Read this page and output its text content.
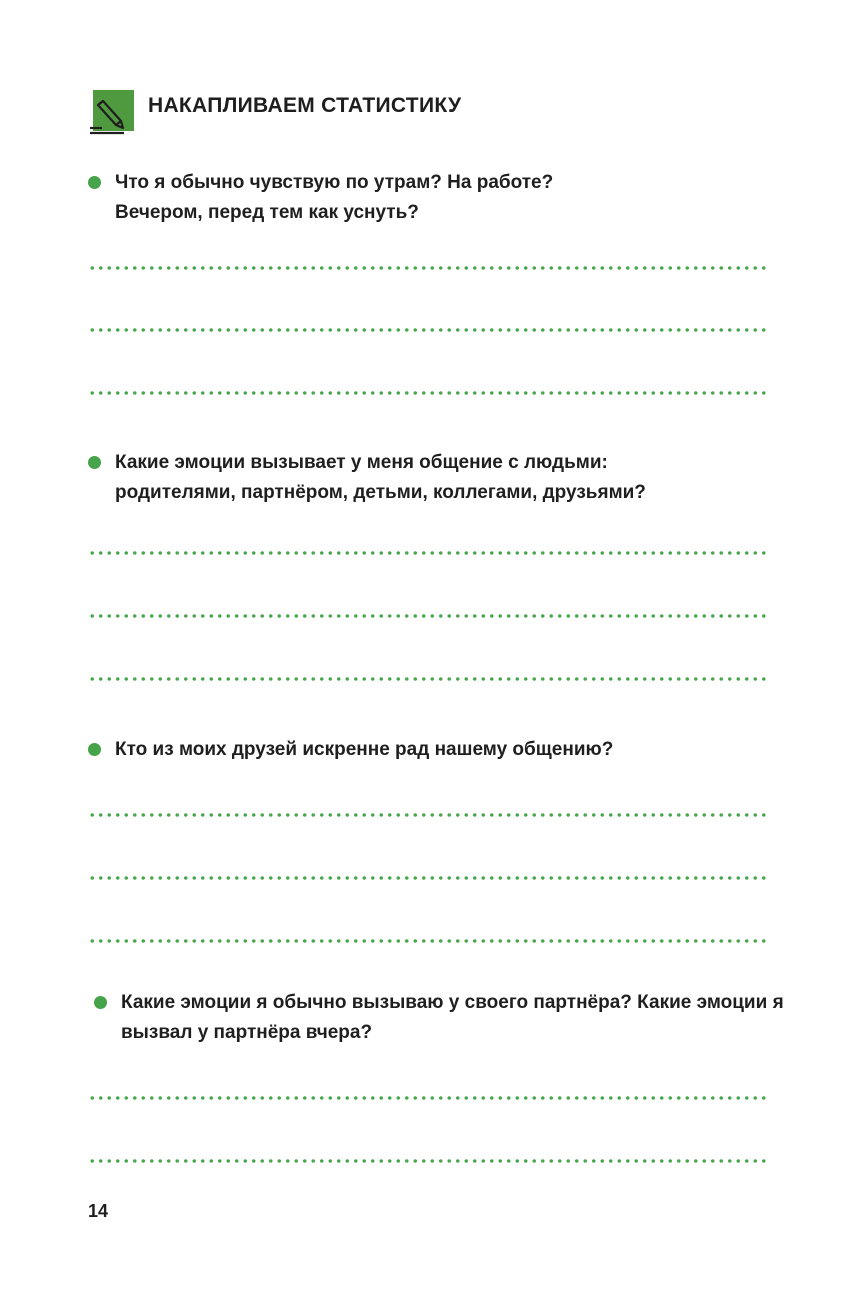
НАКАПЛИВАЕМ СТАТИСТИКУ
Что я обычно чувствую по утрам? На работе?
Вечером, перед тем как уснуть?
Какие эмоции вызывает у меня общение с людьми:
родителями, партнёром, детьми, коллегами, друзьями?
Кто из моих друзей искренне рад нашему общению?
Какие эмоции я обычно вызываю у своего партнёра? Какие эмоции я
вызвал у партнёра вчера?
14
